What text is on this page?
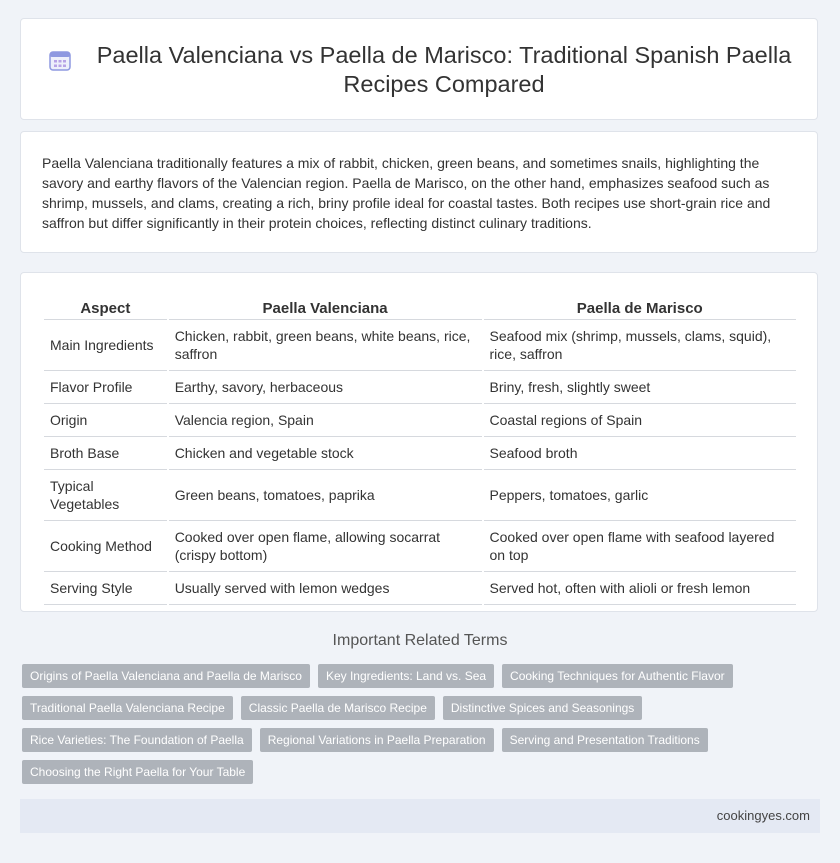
Paella Valenciana vs Paella de Marisco: Traditional Spanish Paella Recipes Compared

Paella Valenciana traditionally features a mix of rabbit, chicken, green beans, and sometimes snails, highlighting the savory and earthy flavors of the Valencian region. Paella de Marisco, on the other hand, emphasizes seafood such as shrimp, mussels, and clams, creating a rich, briny profile ideal for coastal tastes. Both recipes use short-grain rice and saffron but differ significantly in their protein choices, reflecting distinct culinary traditions.

Aspect	Paella Valenciana	Paella de Marisco
Main Ingredients	Chicken, rabbit, green beans, white beans, rice, saffron	Seafood mix (shrimp, mussels, clams, squid), rice, saffron
Flavor Profile	Earthy, savory, herbaceous	Briny, fresh, slightly sweet
Origin	Valencia region, Spain	Coastal regions of Spain
Broth Base	Chicken and vegetable stock	Seafood broth
Typical Vegetables	Green beans, tomatoes, paprika	Peppers, tomatoes, garlic
Cooking Method	Cooked over open flame, allowing socarrat (crispy bottom)	Cooked over open flame with seafood layered on top
Serving Style	Usually served with lemon wedges	Served hot, often with alioli or fresh lemon
Important Related Terms
Origins of Paella Valenciana and Paella de Marisco	Key Ingredients: Land vs. Sea	Cooking Techniques for Authentic Flavor
Traditional Paella Valenciana Recipe	Classic Paella de Marisco Recipe	Distinctive Spices and Seasonings
Rice Varieties: The Foundation of Paella	Regional Variations in Paella Preparation	Serving and Presentation Traditions
Choosing the Right Paella for Your Table
cookingyes.com
